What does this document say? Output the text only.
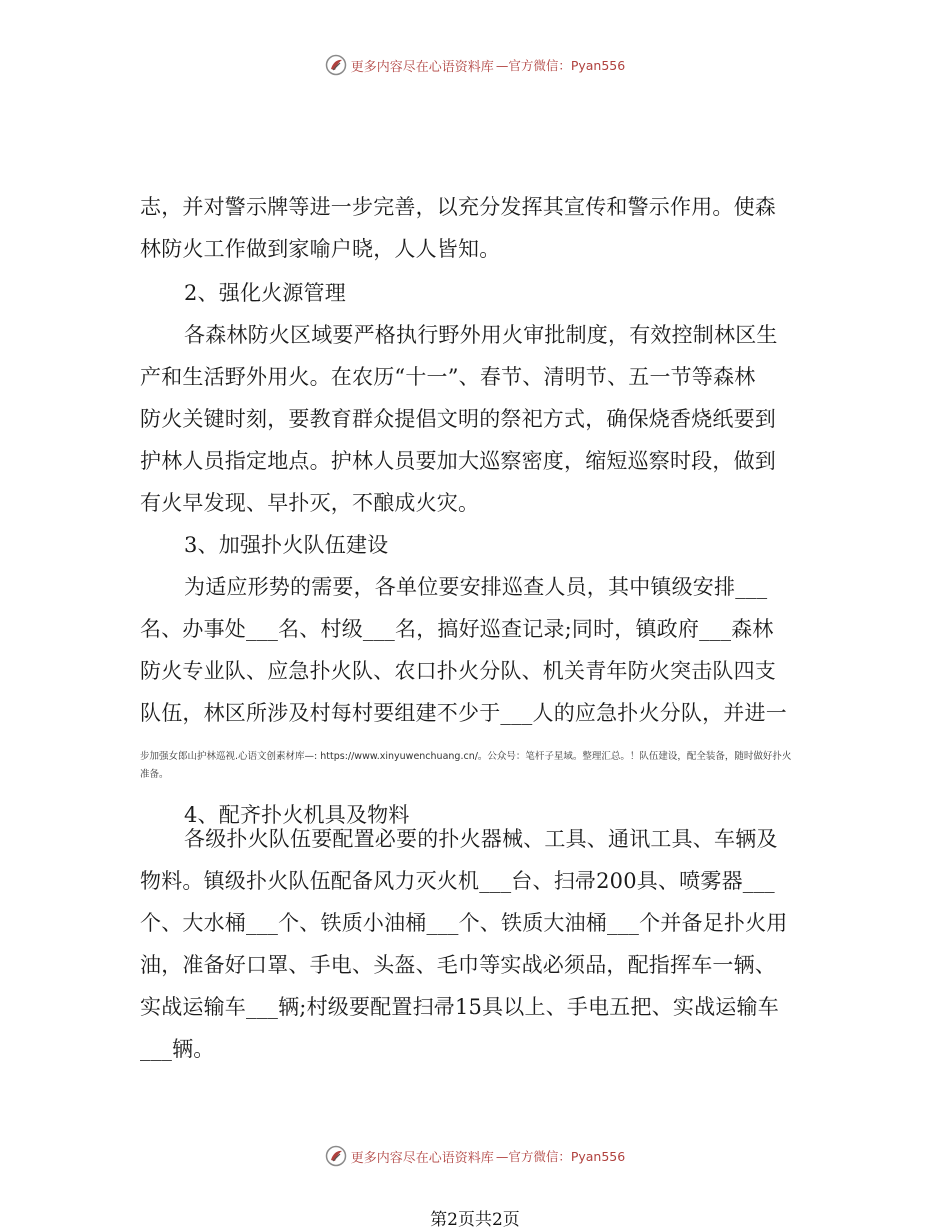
更多内容尽在心语资料库 —官方微信：Pyan556
志，并对警示牌等进一步完善，以充分发挥其宣传和警示作用。使森
林防火工作做到家喻户晓，人人皆知。
2、强化火源管理
各森林防火区域要严格执行野外用火审批制度，有效控制林区生
产和生活野外用火。在农历“十一”、春节、清明节、五一节等森林
防火关键时刻，要教育群众提倡文明的祭祀方式，确保烧香烧纸要到
护林人员指定地点。护林人员要加大巡察密度，缩短巡察时段，做到
有火早发现、早扑灭，不酿成火灾。
3、加强扑火队伍建设
为适应形势的需要，各单位要安排巡查人员，其中镇级安排___
名、办事处___名、村级___名，搞好巡查记录;同时，镇政府___森林
防火专业队、应急扑火队、农口扑火分队、机关青年防火突击队四支
队伍，林区所涉及村每村要组建不少于___人的应急扑火分队，并进一
4、配齐扑火机具及物料
各级扑火队伍要配置必要的扑火器械、工具、通讯工具、车辆及
物料。镇级扑火队伍配备风力灭火机___台、扫帚200具、喷雾器___
个、大水桶___个、铁质小油桶___个、铁质大油桶___个并备足扑火用
油，准备好口罩、手电、头盔、毛巾等实战必须品，配指挥车一辆、
实战运输车___辆;村级要配置扫帚15具以上、手电五把、实战运输车
___辆。
步加强女郎山护林巡视.心语文创素材库—: https://www.xinyuwenchuang.cn/。公众号：笔杆子星域。整理汇总。！队伍建设，配全装备，随时做好扑火
准备。
更多内容尽在心语资料库 —官方微信：Pyan556
第2页共2页
